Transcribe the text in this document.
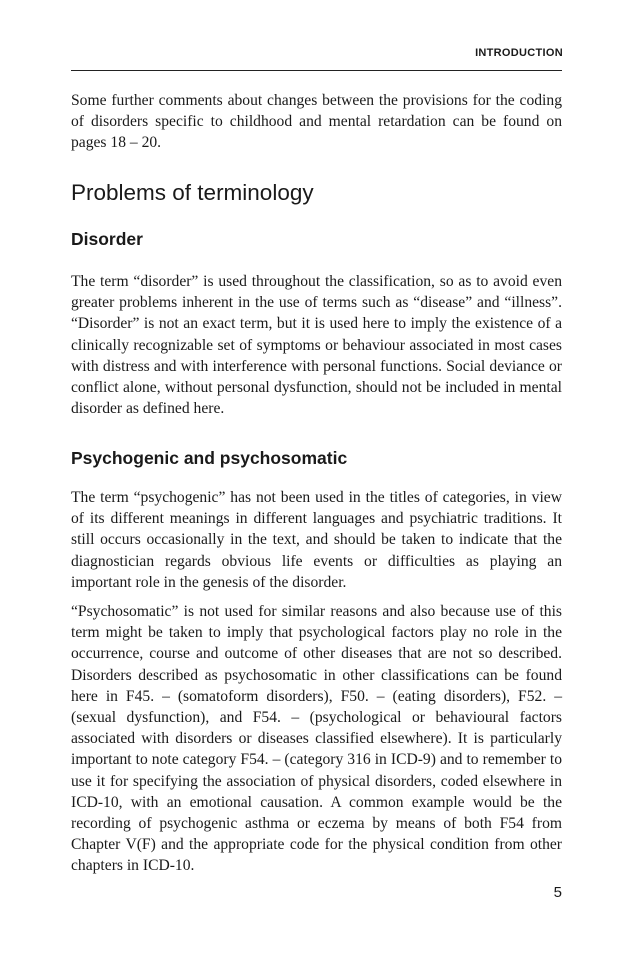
INTRODUCTION

Some further comments about changes between the provisions for the coding of disorders specific to childhood and mental retardation can be found on pages 18 – 20.

Problems of terminology
Disorder

The term “disorder” is used throughout the classification, so as to avoid even greater problems inherent in the use of terms such as “disease” and “illness”. “Disorder” is not an exact term, but it is used here to imply the existence of a clinically recognizable set of symptoms or behaviour associated in most cases with distress and with interference with personal functions. Social deviance or conflict alone, without personal dysfunction, should not be included in mental disorder as defined here.

Psychogenic and psychosomatic

The term “psychogenic” has not been used in the titles of categories, in view of its different meanings in different languages and psychiatric traditions. It still occurs occasionally in the text, and should be taken to indicate that the diagnostician regards obvious life events or difficulties as playing an important role in the genesis of the disorder.

“Psychosomatic” is not used for similar reasons and also because use of this term might be taken to imply that psychological factors play no role in the occurrence, course and outcome of other diseases that are not so described. Disorders described as psychosomatic in other classifications can be found here in F45. – (somatoform disorders), F50. – (eating disorders), F52. – (sexual dysfunction), and F54. – (psychological or behavioural factors associated with disorders or diseases classified elsewhere). It is particularly important to note category F54. – (category 316 in ICD-9) and to remember to use it for specifying the association of physical disorders, coded elsewhere in ICD-10, with an emotional causation. A common example would be the recording of psychogenic asthma or eczema by means of both F54 from Chapter V(F) and the appropriate code for the physical condition from other chapters in ICD-10.

5
